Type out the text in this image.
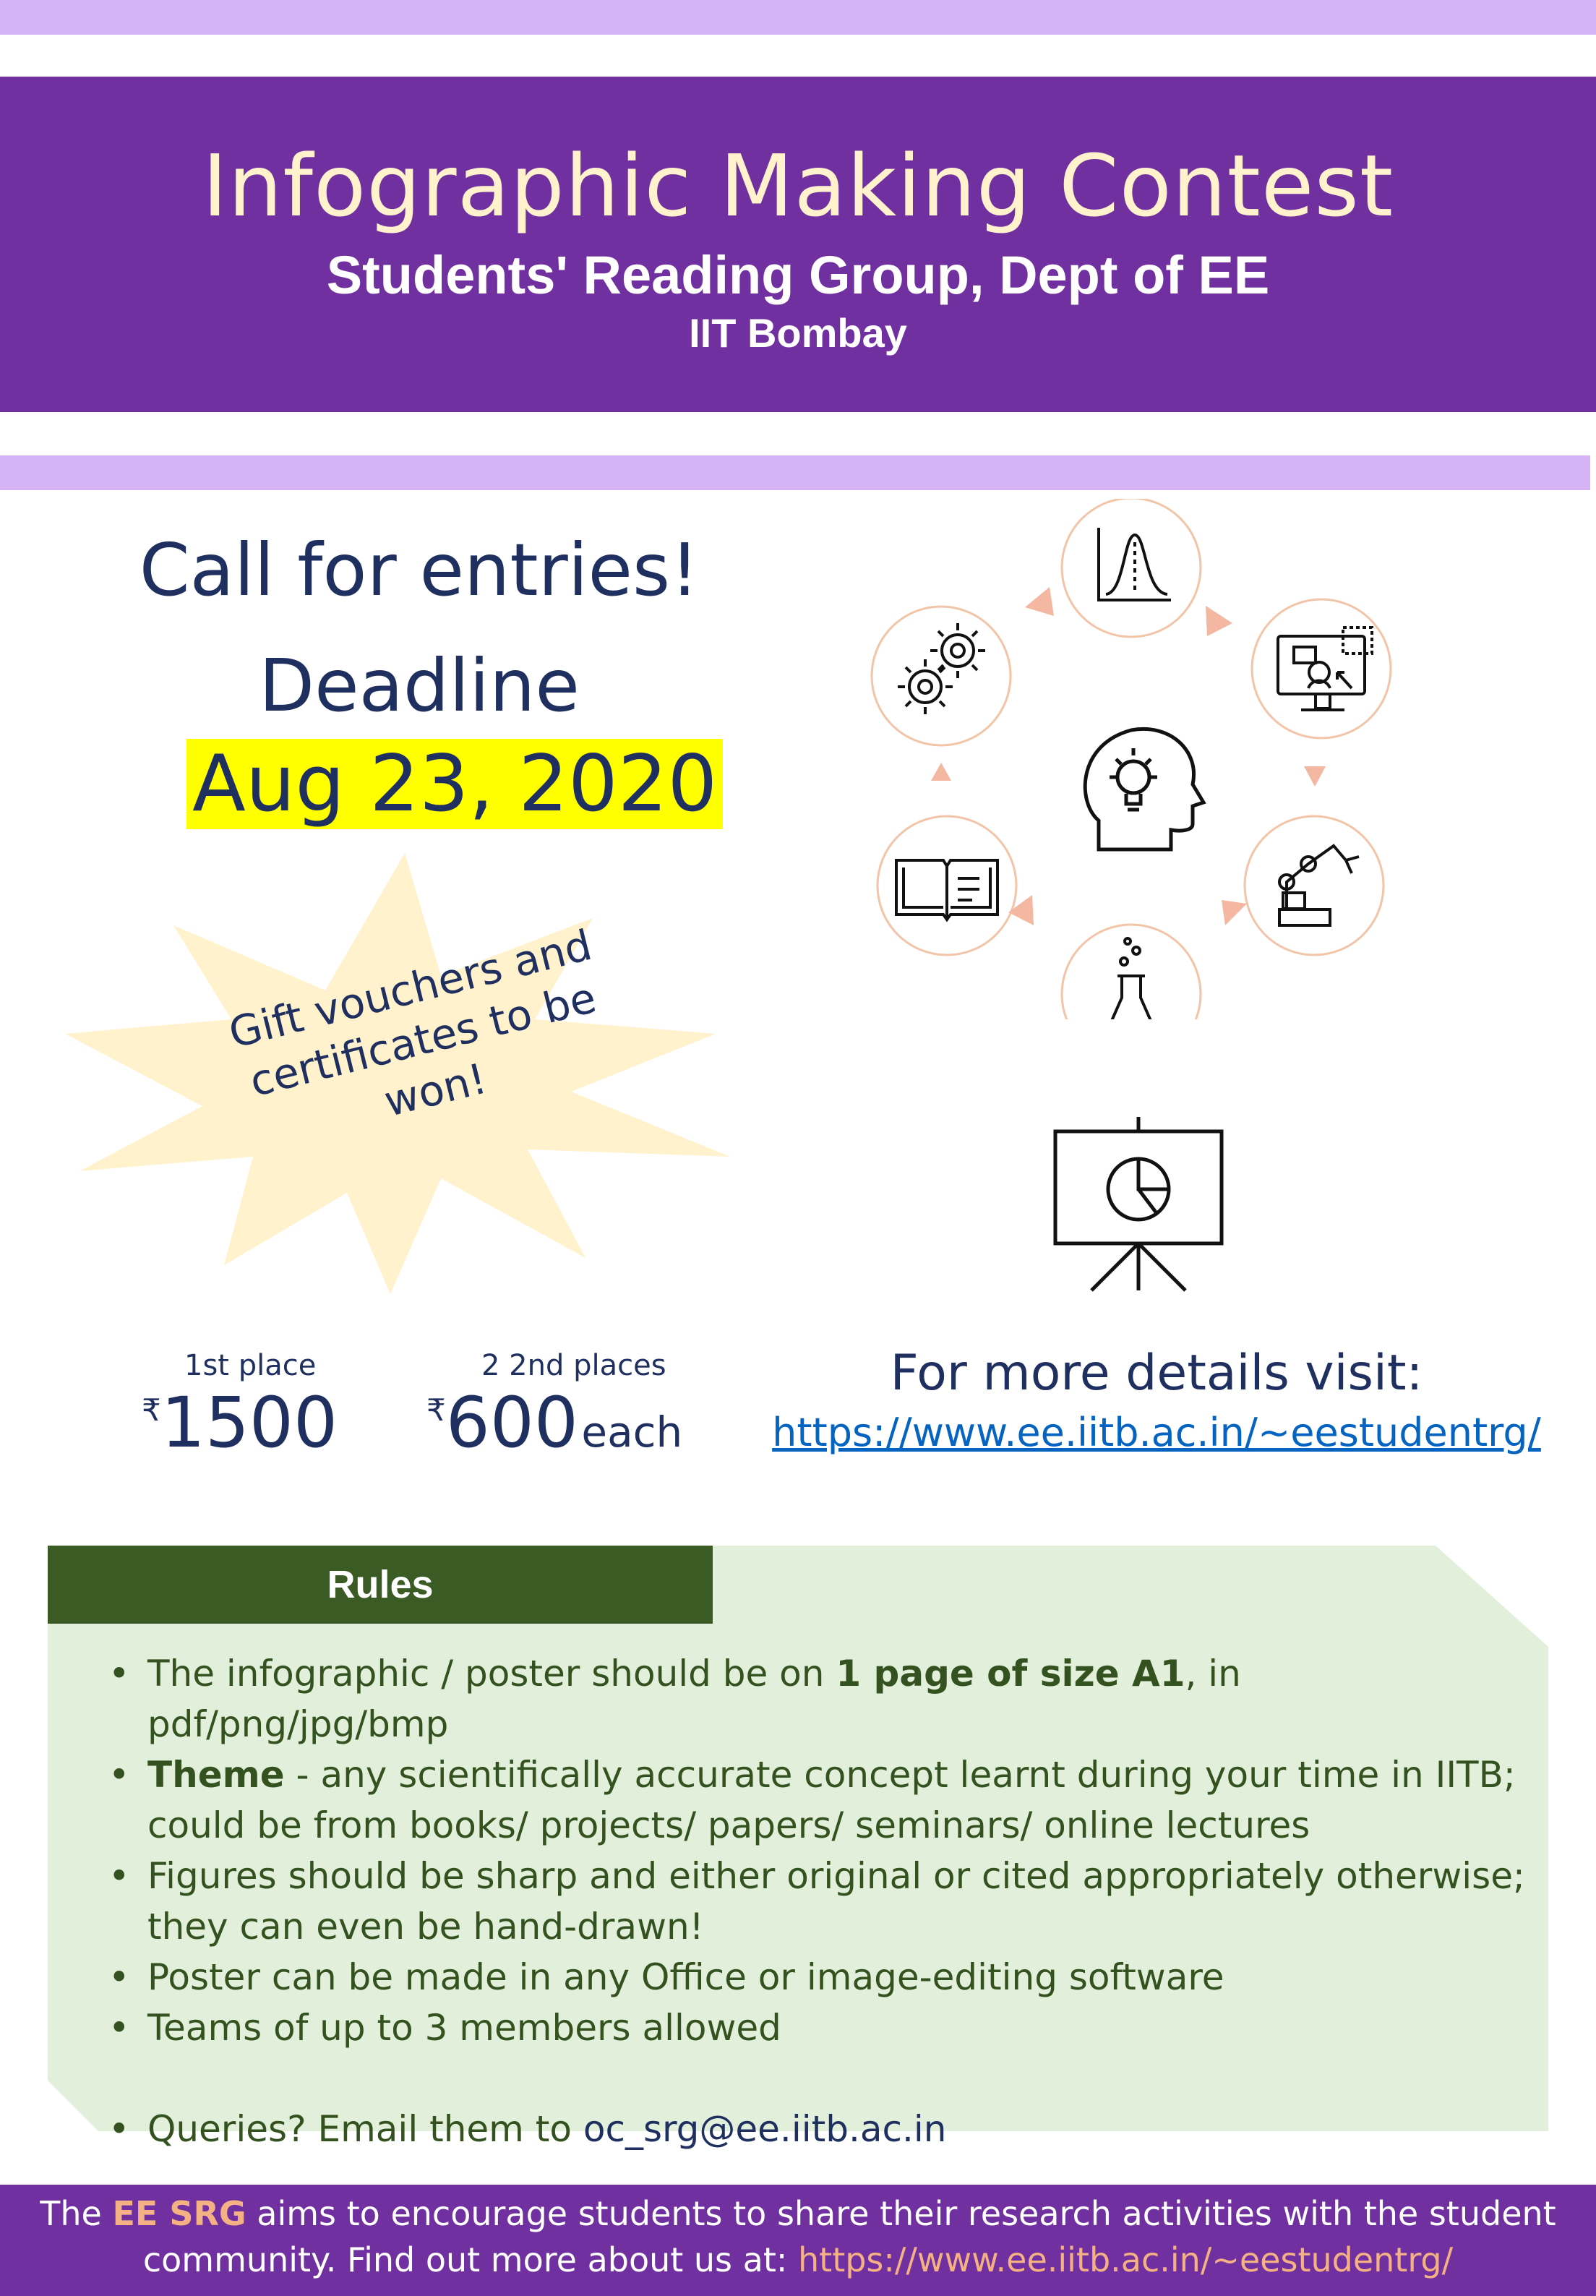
Infographic Making Contest
Students' Reading Group, Dept of EE
IIT Bombay
Call for entries!
Deadline
Aug 23, 2020
Gift vouchers and certificates to be won!
1st place
₹1500
2 2nd places
₹600 each
For more details visit:
https://www.ee.iitb.ac.in/~eestudentrg/
Rules
• The infographic / poster should be on 1 page of size A1, in pdf/png/jpg/bmp
• Theme - any scientifically accurate concept learnt during your time in IITB; could be from books/ projects/ papers/ seminars/ online lectures
• Figures should be sharp and either original or cited appropriately otherwise; they can even be hand-drawn!
• Poster can be made in any Office or image-editing software
• Teams of up to 3 members allowed
• Queries? Email them to oc_srg@ee.iitb.ac.in
The EE SRG aims to encourage students to share their research activities with the student community. Find out more about us at: https://www.ee.iitb.ac.in/~eestudentrg/
